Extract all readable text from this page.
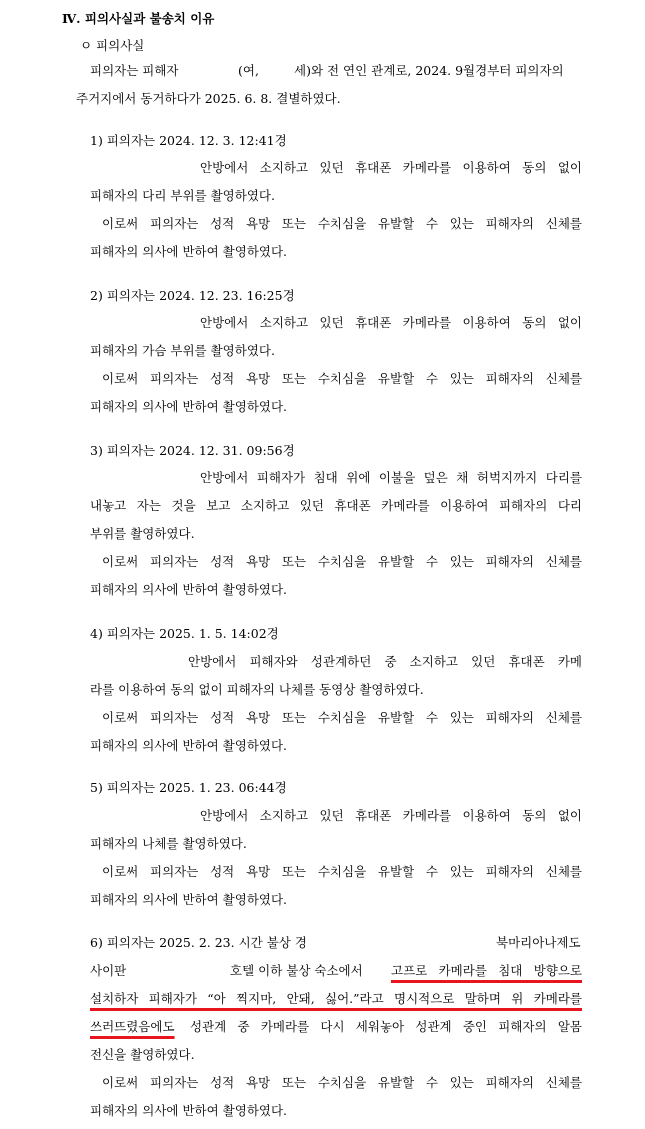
Ⅳ. 피의사실과 불송치 이유
ㅇ 피의사실
피의자는 피해자	(여,	세)와 전 연인 관계로, 2024. 9월경부터 피의자의
주거지에서 동거하다가 2025. 6. 8. 결별하였다.
1) 피의자는 2024. 12. 3. 12:41경
안방에서 소지하고 있던 휴대폰 카메라를 이용하여 동의 없이
피해자의 다리 부위를 촬영하였다.
이로써 피의자는 성적 욕망 또는 수치심을 유발할 수 있는 피해자의 신체를
피해자의 의사에 반하여 촬영하였다.
2) 피의자는 2024. 12. 23. 16:25경
안방에서 소지하고 있던 휴대폰 카메라를 이용하여 동의 없이
피해자의 가슴 부위를 촬영하였다.
이로써 피의자는 성적 욕망 또는 수치심을 유발할 수 있는 피해자의 신체를
피해자의 의사에 반하여 촬영하였다.
3) 피의자는 2024. 12. 31. 09:56경
안방에서 피해자가 침대 위에 이불을 덮은 채 허벅지까지 다리를
내놓고 자는 것을 보고 소지하고 있던 휴대폰 카메라를 이용하여 피해자의 다리
부위를 촬영하였다.
이로써 피의자는 성적 욕망 또는 수치심을 유발할 수 있는 피해자의 신체를
피해자의 의사에 반하여 촬영하였다.
4) 피의자는 2025. 1. 5. 14:02경
안방에서 피해자와 성관계하던 중 소지하고 있던 휴대폰 카메
라를 이용하여 동의 없이 피해자의 나체를 동영상 촬영하였다.
이로써 피의자는 성적 욕망 또는 수치심을 유발할 수 있는 피해자의 신체를
피해자의 의사에 반하여 촬영하였다.
5) 피의자는 2025. 1. 23. 06:44경
안방에서 소지하고 있던 휴대폰 카메라를 이용하여 동의 없이
피해자의 나체를 촬영하였다.
이로써 피의자는 성적 욕망 또는 수치심을 유발할 수 있는 피해자의 신체를
피해자의 의사에 반하여 촬영하였다.
6) 피의자는 2025. 2. 23. 시간 불상 경	북마리아나제도
사이판	호텔 이하 불상 숙소에서 고프로 카메라를 침대 방향으로
설치하자 피해자가 “아 찍지마, 안돼, 싫어.”라고 명시적으로 말하며 위 카메라를
쓰러뜨렸음에도 성관계 중 카메라를 다시 세워놓아 성관계 중인 피해자의 알몸
전신을 촬영하였다.
이로써 피의자는 성적 욕망 또는 수치심을 유발할 수 있는 피해자의 신체를
피해자의 의사에 반하여 촬영하였다.
